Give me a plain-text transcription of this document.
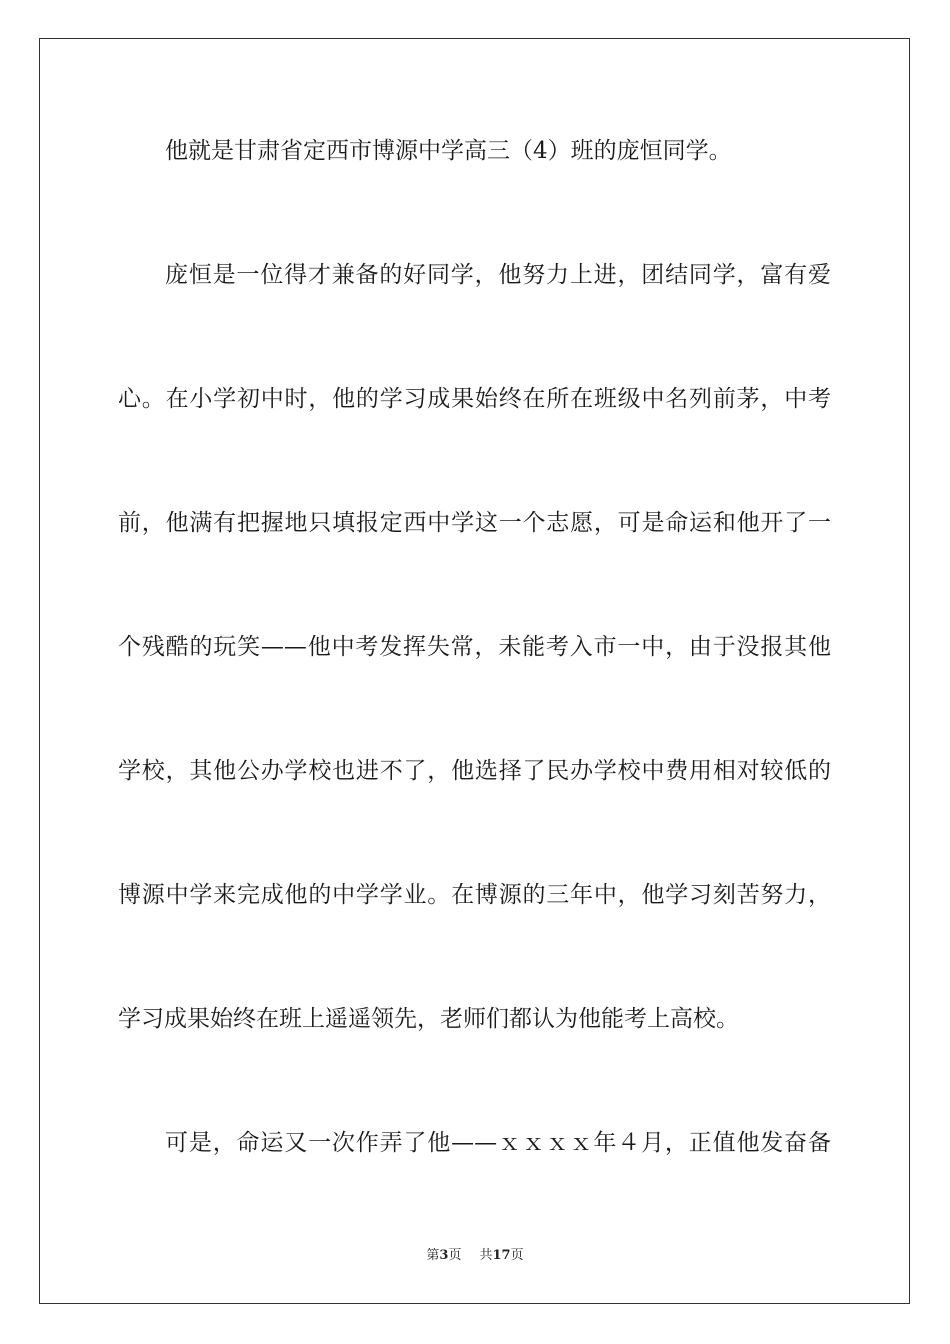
他就是甘肃省定西市博源中学高三（4）班的庞恒同学。
庞恒是一位得才兼备的好同学，他努力上进，团结同学，富有爱
心。在小学初中时，他的学习成果始终在所在班级中名列前茅，中考
前，他满有把握地只填报定西中学这一个志愿，可是命运和他开了一
个残酷的玩笑——他中考发挥失常，未能考入市一中，由于没报其他
学校，其他公办学校也进不了，他选择了民办学校中费用相对较低的
博源中学来完成他的中学学业。在博源的三年中，他学习刻苦努力，
学习成果始终在班上遥遥领先，老师们都认为他能考上高校。
可是，命运又一次作弄了他——ｘｘｘｘ年４月，正值他发奋备
第3页 共17页
